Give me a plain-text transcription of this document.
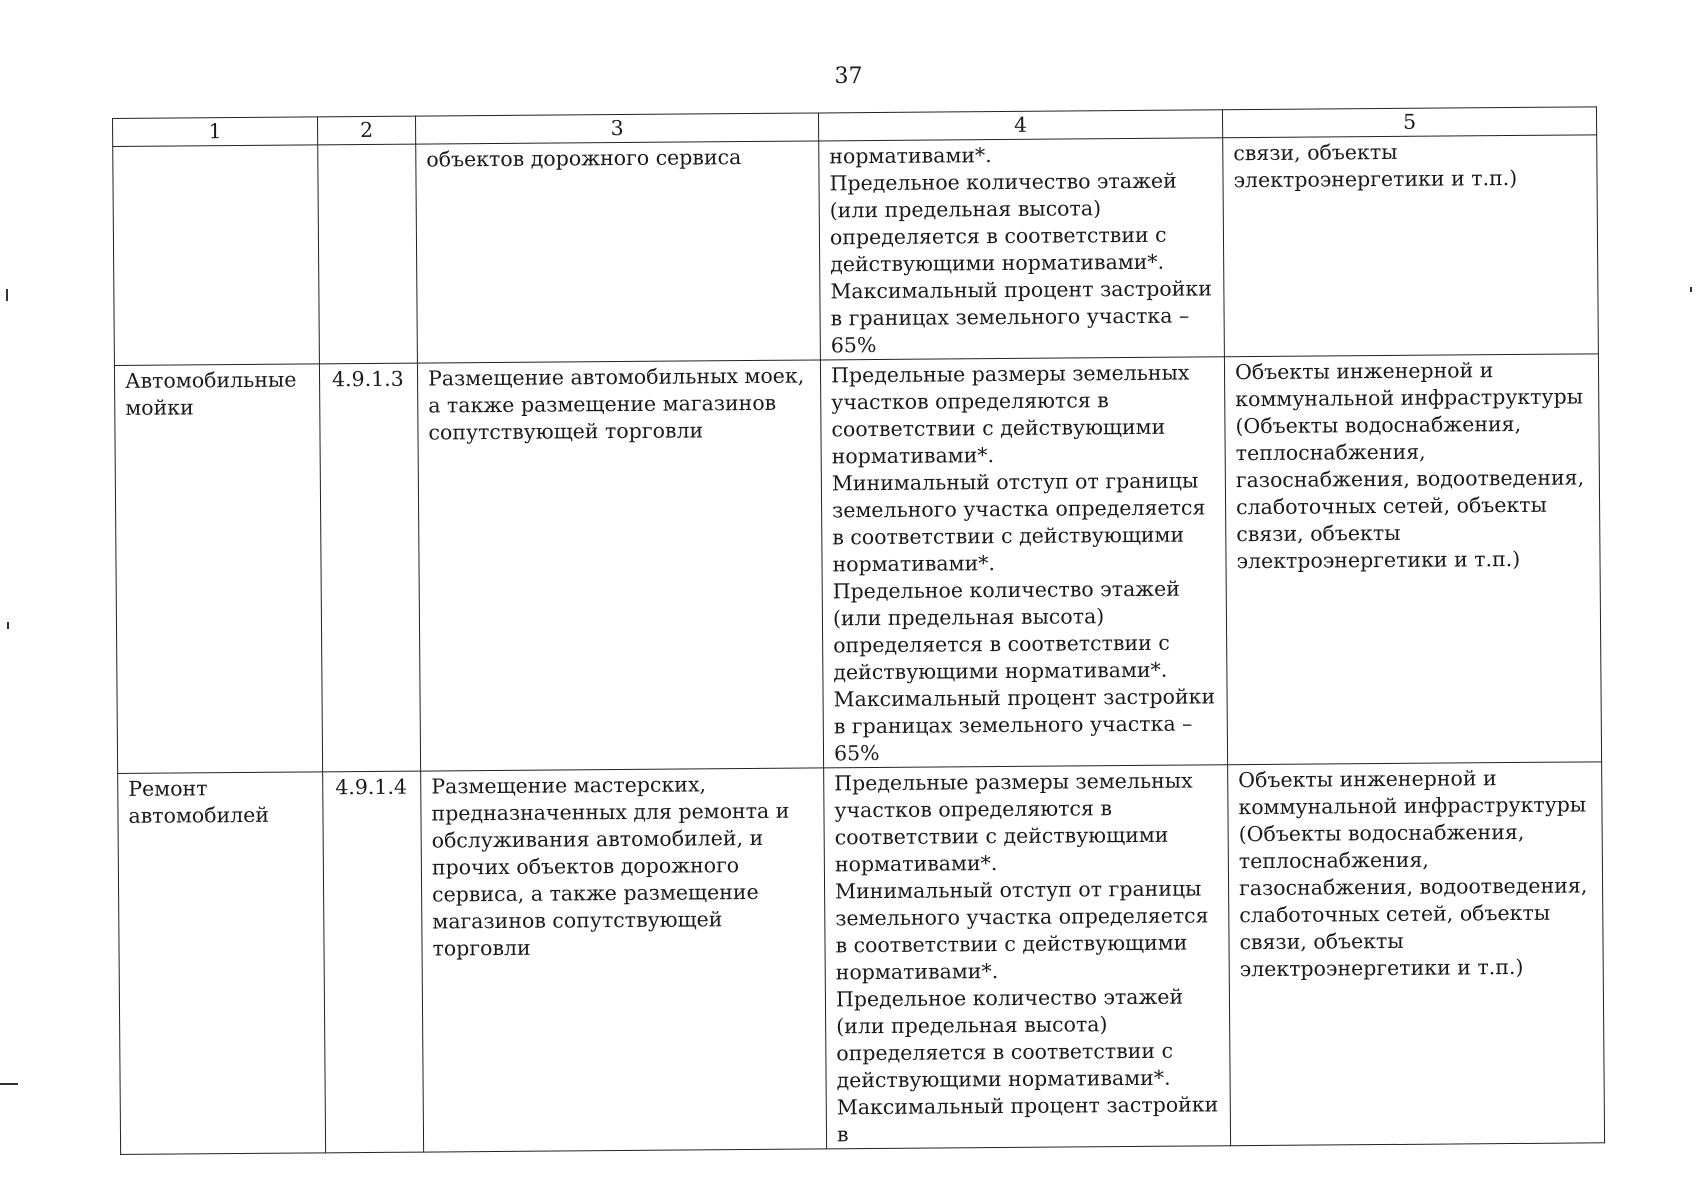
37
1	2	3	4	5
		объектов дорожного сервиса	нормативами*.

Предельное количество этажей (или предельная высота) определяется в соответствии с действующими нормативами*.

Максимальный процент застройки в границах земельного участка – 65%	связи, объекты электроэнергетики и т.п.)
Автомобильные мойки	4.9.1.3	Размещение автомобильных моек, а также размещение магазинов сопутствующей торговли	Предельные размеры земельных участков определяются в соответствии с действующими нормативами*.

Минимальный отступ от границы земельного участка определяется в соответствии с действующими нормативами*.

Предельное количество этажей (или предельная высота) определяется в соответствии с действующими нормативами*.

Максимальный процент застройки в границах земельного участка – 65%	Объекты инженерной и коммунальной инфраструктуры (Объекты водоснабжения, теплоснабжения, газоснабжения, водоотведения, слаботочных сетей, объекты связи, объекты электроэнергетики и т.п.)
Ремонт автомобилей	4.9.1.4	Размещение мастерских, предназначенных для ремонта и обслуживания автомобилей, и прочих объектов дорожного сервиса, а также размещение магазинов сопутствующей торговли	Предельные размеры земельных участков определяются в соответствии с действующими нормативами*.

Минимальный отступ от границы земельного участка определяется в соответствии с действующими нормативами*.

Предельное количество этажей (или предельная высота) определяется в соответствии с действующими нормативами*.

Максимальный процент застройки в	Объекты инженерной и коммунальной инфраструктуры (Объекты водоснабжения, теплоснабжения, газоснабжения, водоотведения, слаботочных сетей, объекты связи, объекты электроэнергетики и т.п.)
